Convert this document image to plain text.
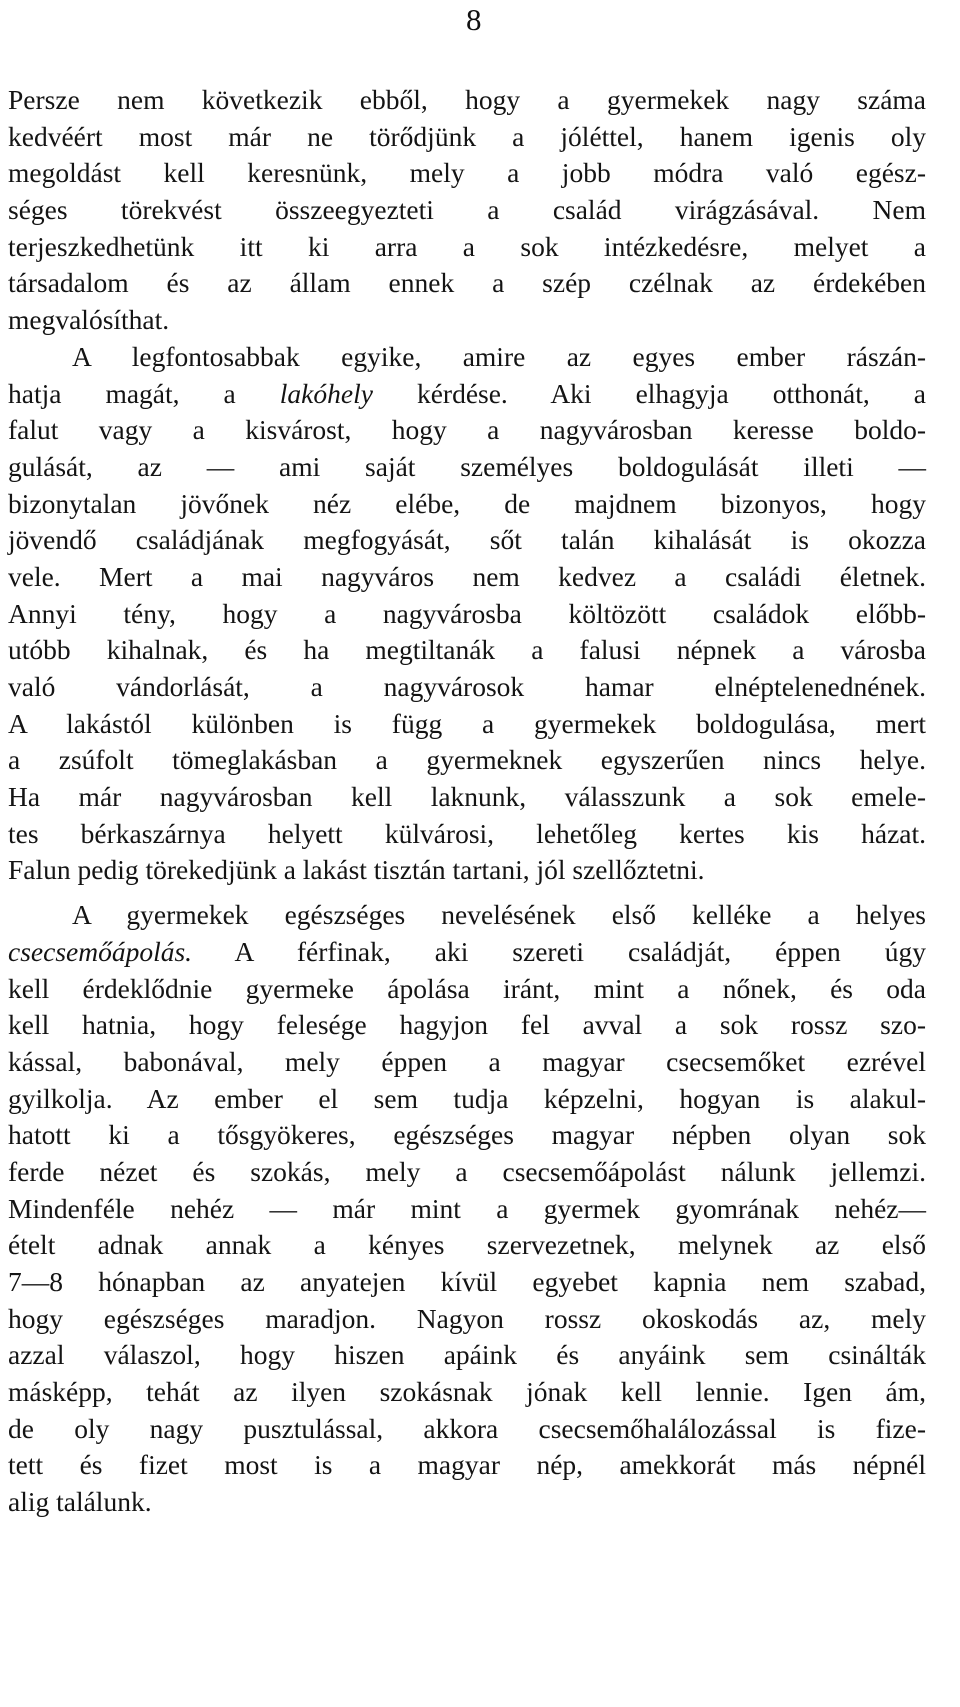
8
Persze nem következik ebből, hogy a gyermekek nagy száma
kedvéért most már ne törődjünk a jóléttel, hanem igenis oly
megoldást kell keresnünk, mely a jobb módra való egész-
séges törekvést összeegyezteti a család virágzásával. Nem
terjeszkedhetünk itt ki arra a sok intézkedésre, melyet a
társadalom és az állam ennek a szép czélnak az érdekében
megvalósíthat.
A legfontosabbak egyike, amire az egyes ember rászán-
hatja magát, a lakóhely kérdése. Aki elhagyja otthonát, a
falut vagy a kisvárost, hogy a nagyvárosban keresse boldo-
gulását, az — ami saját személyes boldogulását illeti —
bizonytalan jövőnek néz elébe, de majdnem bizonyos, hogy
jövendő családjának megfogyását, sőt talán kihalását is okozza
vele. Mert a mai nagyváros nem kedvez a családi életnek.
Annyi tény, hogy a nagyvárosba költözött családok előbb-
utóbb kihalnak, és ha megtiltanák a falusi népnek a városba
való vándorlását, a nagyvárosok hamar elnéptelenednének.
A lakástól különben is függ a gyermekek boldogulása, mert
a zsúfolt tömeglakásban a gyermeknek egyszerűen nincs helye.
Ha már nagyvárosban kell laknunk, válasszunk a sok emele-
tes bérkaszárnya helyett külvárosi, lehetőleg kertes kis házat.
Falun pedig törekedjünk a lakást tisztán tartani, jól szellőztetni.
A gyermekek egészséges nevelésének első kelléke a helyes
csecsemőápolás. A férfinak, aki szereti családját, éppen úgy
kell érdeklődnie gyermeke ápolása iránt, mint a nőnek, és oda
kell hatnia, hogy felesége hagyjon fel avval a sok rossz szo-
kással, babonával, mely éppen a magyar csecsemőket ezrével
gyilkolja. Az ember el sem tudja képzelni, hogyan is alakul-
hatott ki a tősgyökeres, egészséges magyar népben olyan sok
ferde nézet és szokás, mely a csecsemőápolást nálunk jellemzi.
Mindenféle nehéz — már mint a gyermek gyomrának nehéz—
ételt adnak annak a kényes szervezetnek, melynek az első
7—8 hónapban az anyatejen kívül egyebet kapnia nem szabad,
hogy egészséges maradjon. Nagyon rossz okoskodás az, mely
azzal válaszol, hogy hiszen apáink és anyáink sem csinálták
másképp, tehát az ilyen szokásnak jónak kell lennie. Igen ám,
de oly nagy pusztulással, akkora csecsemőhalálozással is fize-
tett és fizet most is a magyar nép, amekkorát más népnél
alig találunk.
